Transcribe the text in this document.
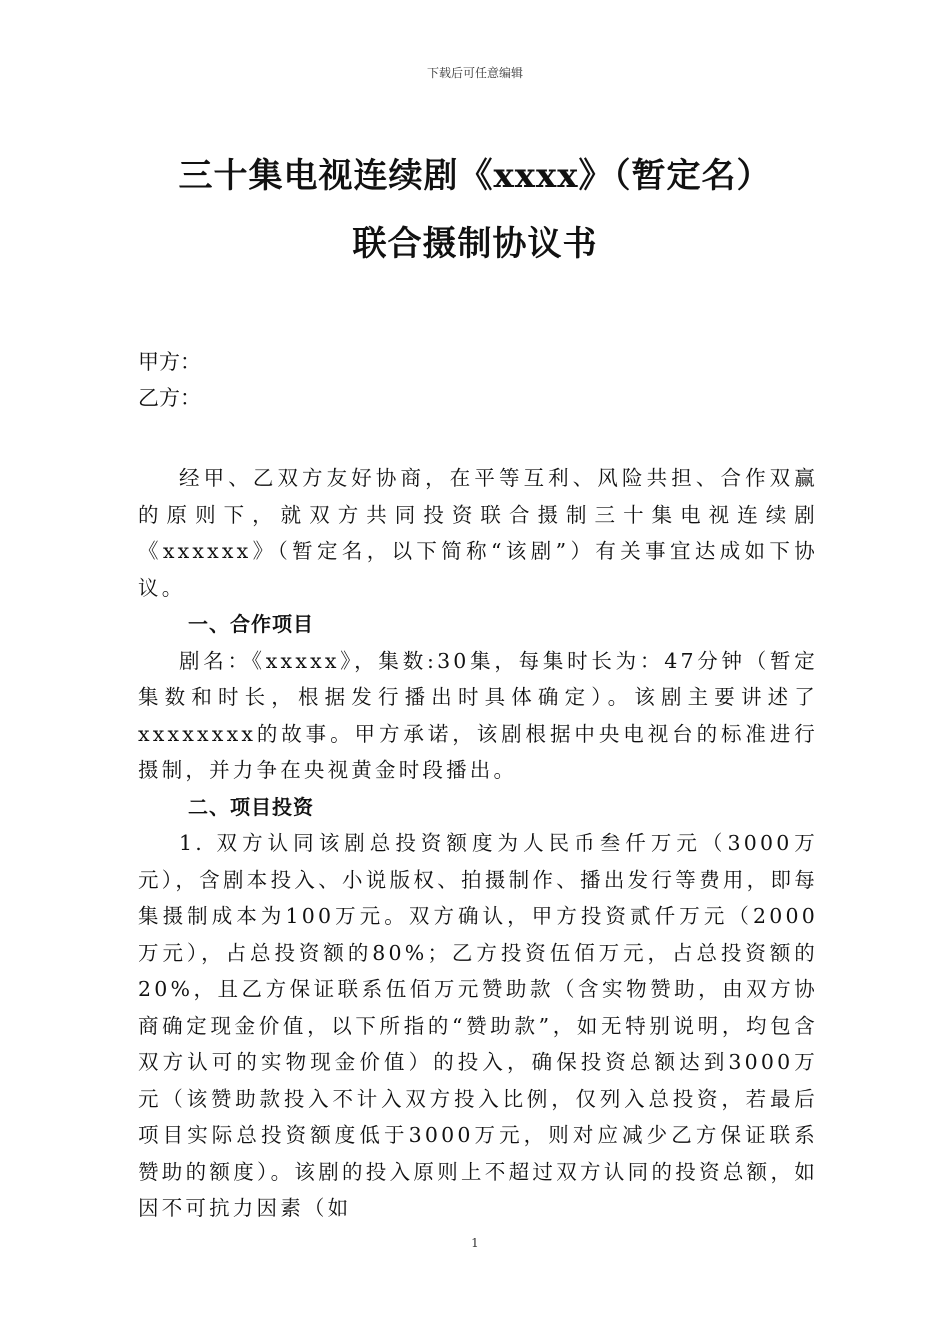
下载后可任意编辑
三十集电视连续剧《xxxx》（暂定名）
联合摄制协议书
甲方：
乙方：

经甲、乙双方友好协商，在平等互利、风险共担、合作双赢的原则下，就双方共同投资联合摄制三十集电视连续剧《xxxxxx》（暂定名，以下简称“该剧”）有关事宜达成如下协议。

一、合作项目

剧名：《xxxxx》，集数:30集，每集时长为：47分钟（暂定集数和时长，根据发行播出时具体确定）。该剧主要讲述了xxxxxxxx的故事。甲方承诺，该剧根据中央电视台的标准进行摄制，并力争在央视黄金时段播出。

二、项目投资

1. 双方认同该剧总投资额度为人民币叁仟万元（3000万元），含剧本投入、小说版权、拍摄制作、播出发行等费用，即每集摄制成本为100万元。双方确认，甲方投资贰仟万元（2000万元），占总投资额的80%；乙方投资伍佰万元，占总投资额的20%，且乙方保证联系伍佰万元赞助款（含实物赞助，由双方协商确定现金价值，以下所指的“赞助款”，如无特别说明，均包含双方认可的实物现金价值）的投入，确保投资总额达到3000万元（该赞助款投入不计入双方投入比例，仅列入总投资，若最后项目实际总投资额度低于3000万元，则对应减少乙方保证联系赞助的额度）。该剧的投入原则上不超过双方认同的投资总额，如因不可抗力因素（如

1
